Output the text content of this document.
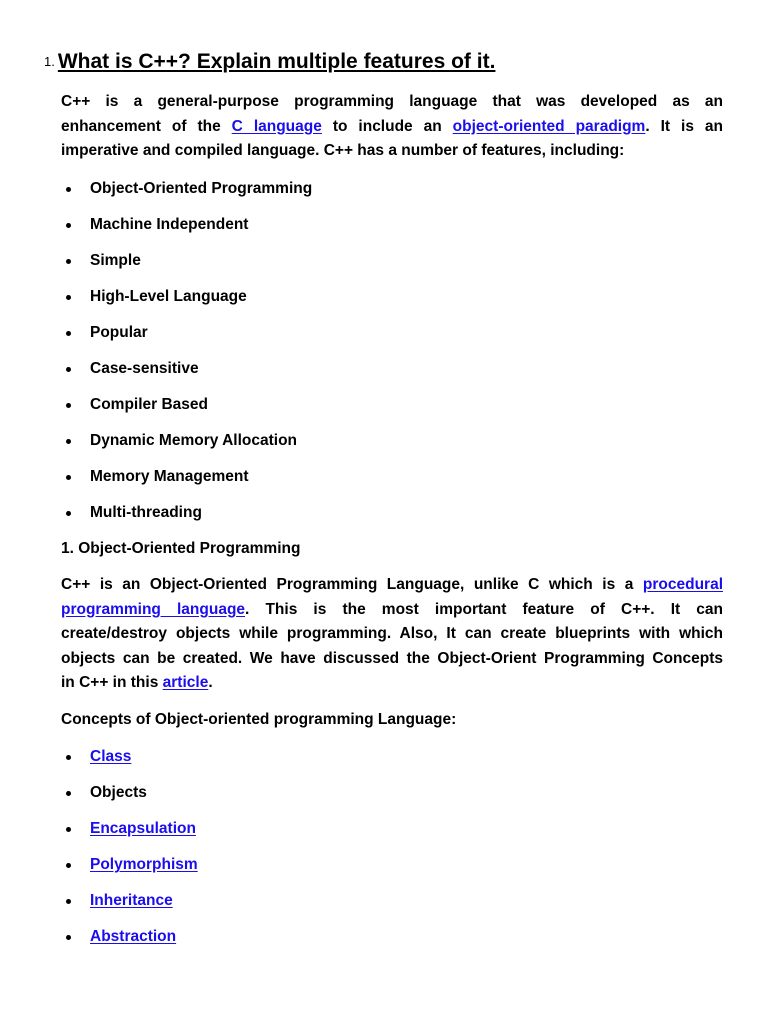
1. What is C++? Explain multiple features of it.
C++ is a general-purpose programming language that was developed as an
enhancement of the C language to include an object-oriented paradigm. It is an
imperative and compiled language. C++ has a number of features, including:
Object-Oriented Programming
Machine Independent
Simple
High-Level Language
Popular
Case-sensitive
Compiler Based
Dynamic Memory Allocation
Memory Management
Multi-threading
1. Object-Oriented Programming
C++ is an Object-Oriented Programming Language, unlike C which is a procedural
programming language. This is the most important feature of C++. It can
create/destroy objects while programming. Also, It can create blueprints with which
objects can be created. We have discussed the Object-Orient Programming Concepts
in C++ in this article.
Concepts of Object-oriented programming Language:
Class
Objects
Encapsulation
Polymorphism
Inheritance
Abstraction
